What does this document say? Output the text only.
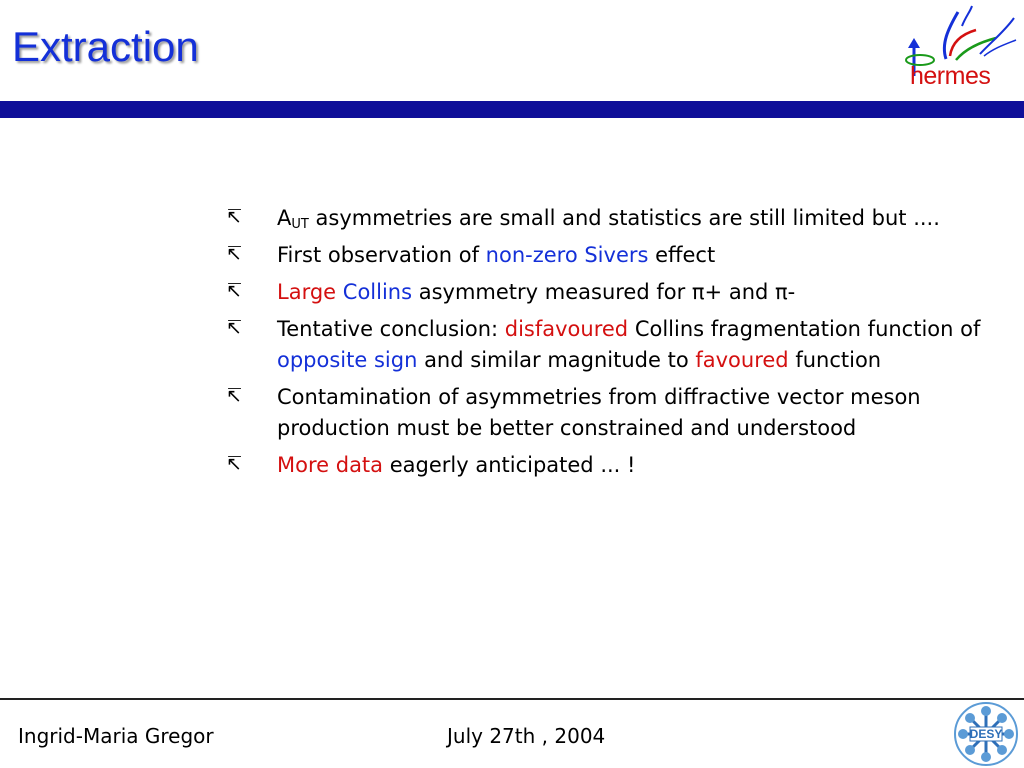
Extraction
hermes
↸ $A_{UT}$ asymmetries are small and statistics are still limited but ....
↸ First observation of non-zero Sivers effect
↸ Large Collins asymmetry measured for π+ and π-
↸ Tentative conclusion: disfavoured Collins fragmentation function of opposite sign and similar magnitude to favoured function
↸ Contamination of asymmetries from diffractive vector meson production must be better constrained and understood
↸ More data eagerly anticipated ... !
Ingrid-Maria Gregor	July 27th , 2004	DESY
